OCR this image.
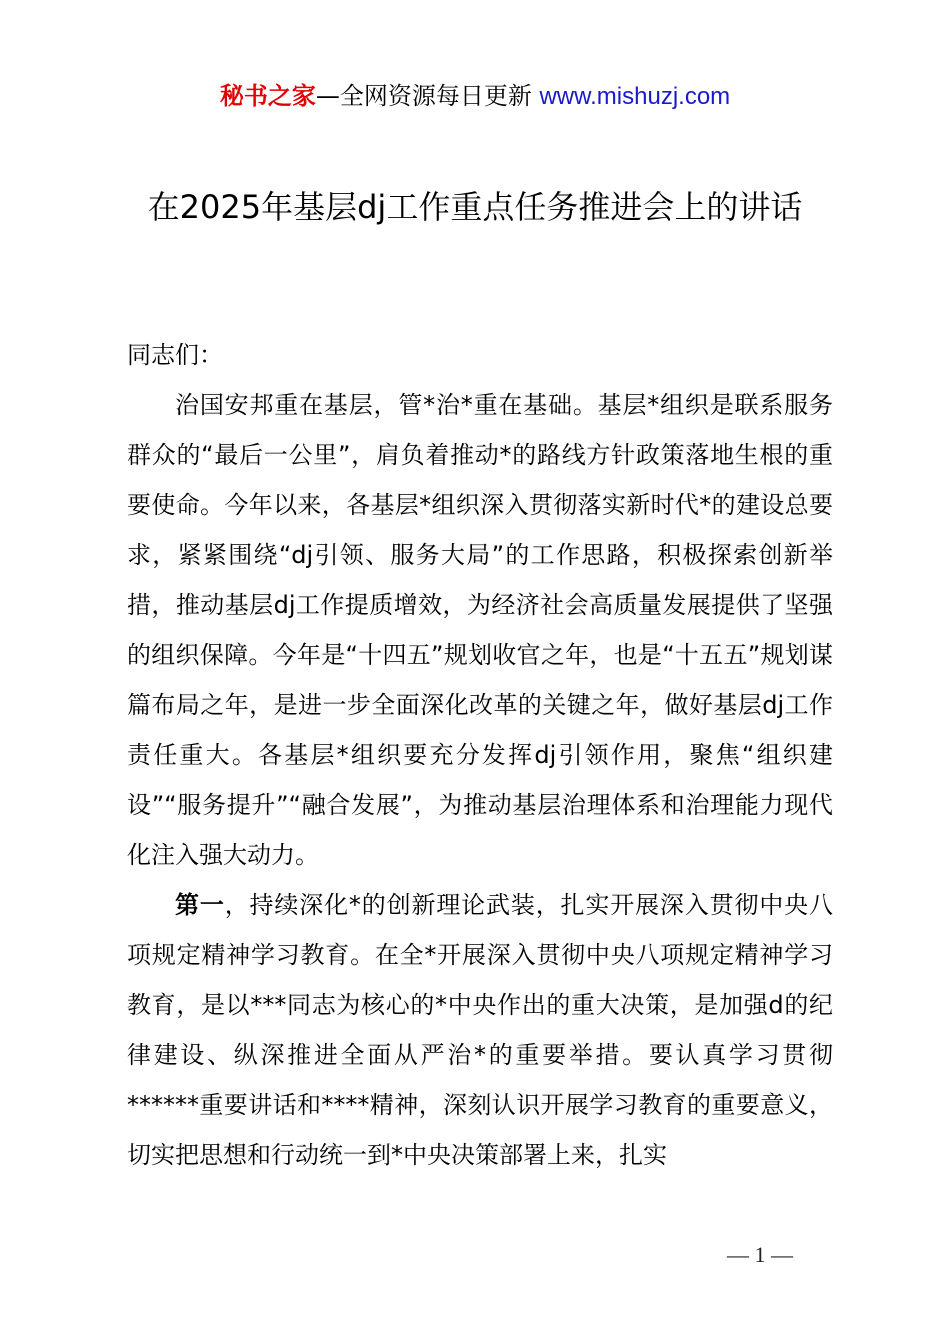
秘书之家—全网资源每日更新 www.mishuzj.com
在2025年基层dj工作重点任务推进会上的讲话

同志们：

治国安邦重在基层，管*治*重在基础。基层*组织是联系服务群众的“最后一公里”，肩负着推动*的路线方针政策落地生根的重要使命。今年以来，各基层*组织深入贯彻落实新时代*的建设总要求，紧紧围绕“dj引领、服务大局”的工作思路，积极探索创新举措，推动基层dj工作提质增效，为经济社会高质量发展提供了坚强的组织保障。今年是“十四五”规划收官之年，也是“十五五”规划谋篇布局之年，是进一步全面深化改革的关键之年，做好基层dj工作责任重大。各基层*组织要充分发挥dj引领作用，聚焦“组织建设”“服务提升”“融合发展”，为推动基层治理体系和治理能力现代化注入强大动力。

第一，持续深化*的创新理论武装，扎实开展深入贯彻中央八项规定精神学习教育。在全*开展深入贯彻中央八项规定精神学习教育，是以***同志为核心的*中央作出的重大决策，是加强d的纪律建设、纵深推进全面从严治*的重要举措。要认真学习贯彻******重要讲话和****精神，深刻认识开展学习教育的重要意义，切实把思想和行动统一到*中央决策部署上来，扎实

— 1 —
